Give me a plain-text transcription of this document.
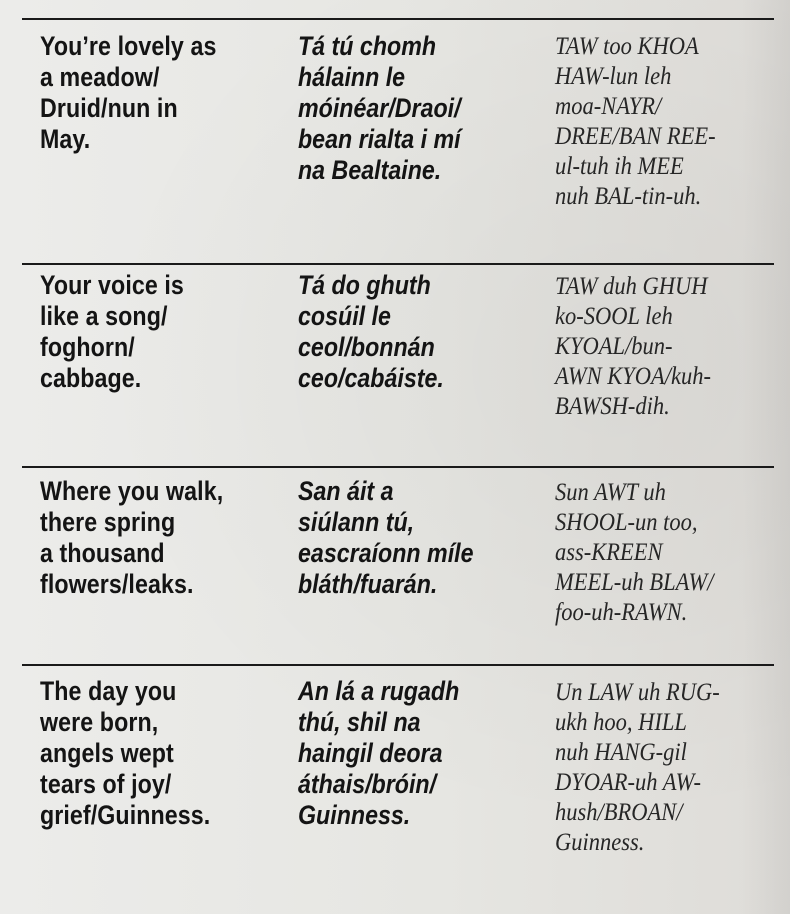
You’re lovely as
a meadow/
Druid/nun in
May.
Tá tú chomh
hálainn le
móinéar/Draoi/
bean rialta i mí
na Bealtaine.
TAW too KHOA
HAW-lun leh
moa-NAYR/
DREE/BAN REE-
ul-tuh ih MEE
nuh BAL-tin-uh.
Your voice is
like a song/
foghorn/
cabbage.
Tá do ghuth
cosúil le
ceol/bonnán
ceo/cabáiste.
TAW duh GHUH
ko-SOOL leh
KYOAL/bun-
AWN KYOA/kuh-
BAWSH-dih.
Where you walk,
there spring
a thousand
flowers/leaks.
San áit a
siúlann tú,
eascraíonn míle
bláth/fuarán.
Sun AWT uh
SHOOL-un too,
ass-KREEN
MEEL-uh BLAW/
foo-uh-RAWN.
The day you
were born,
angels wept
tears of joy/
grief/Guinness.
An lá a rugadh
thú, shil na
haingil deora
áthais/bróin/
Guinness.
Un LAW uh RUG-
ukh hoo, HILL
nuh HANG-gil
DYOAR-uh AW-
hush/BROAN/
Guinness.
